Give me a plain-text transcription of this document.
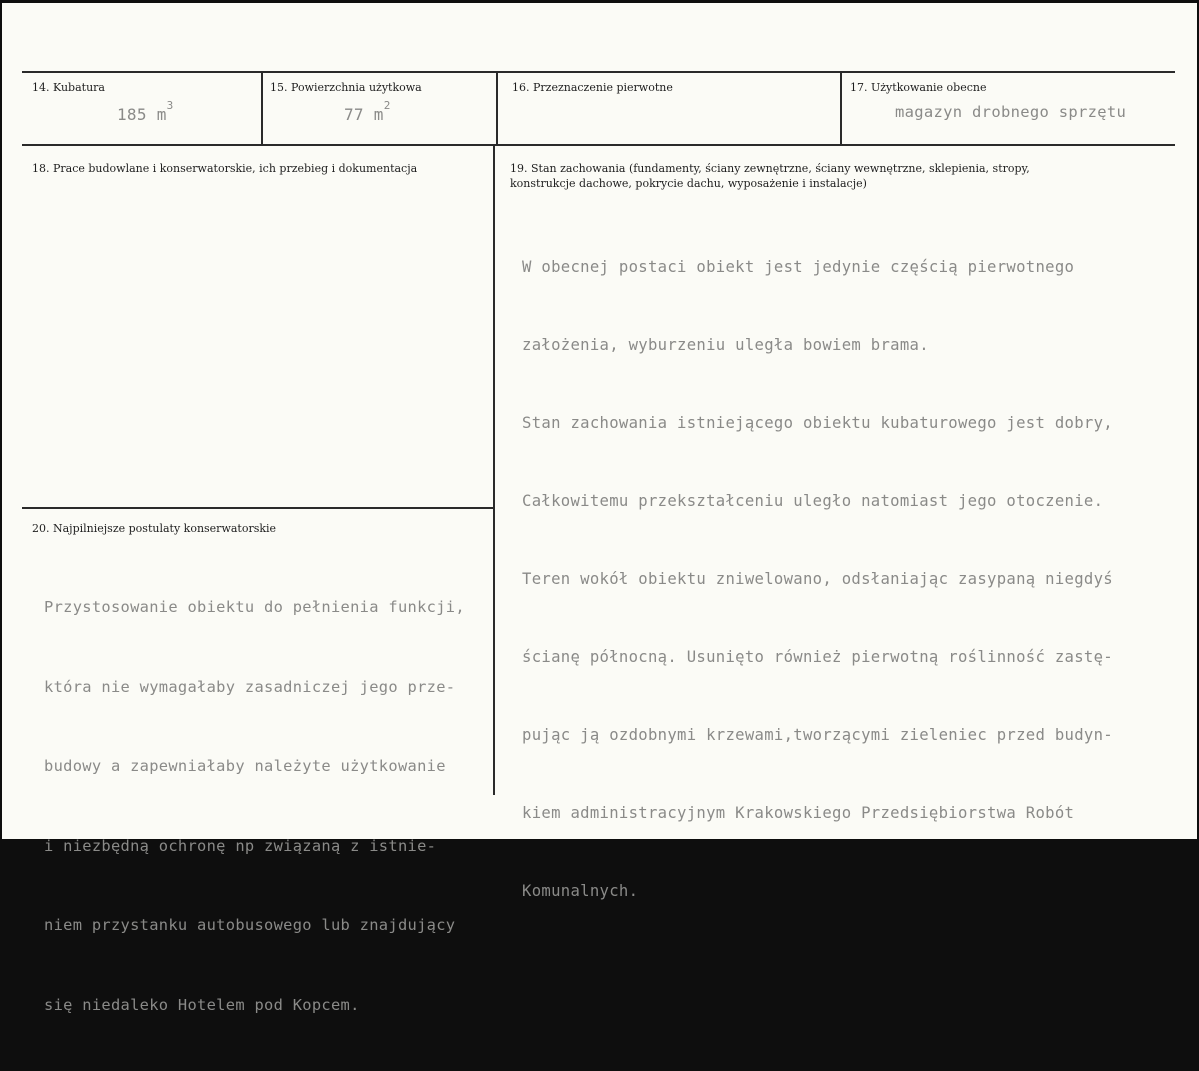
14. Kubatura
185 $m^3$
15. Powierzchnia użytkowa
77 $m^2$
16. Przeznaczenie pierwotne	17. Użytkowanie obecne
magazyn drobnego sprzętu
18. Prace budowlane i konserwatorskie, ich przebieg i dokumentacja	19. Stan zachowania (fundamenty, ściany zewnętrzne, ściany wewnętrzne, sklepienia, stropy,
konstrukcje dachowe, pokrycie dachu, wyposażenie i instalacje)

W obecnej postaci obiekt jest jedynie częścią pierwotnego

założenia, wyburzeniu uległa bowiem brama.

Stan zachowania istniejącego obiektu kubaturowego jest dobry,

Całkowitemu przekształceniu uległo natomiast jego otoczenie.

Teren wokół obiektu zniwelowano, odsłaniając zasypaną niegdyś

ścianę północną. Usunięto również pierwotną roślinność zastę-

pując ją ozdobnymi krzewami,tworzącymi zieleniec przed budyn-

kiem administracyjnym Krakowskiego Przedsiębiorstwa Robót

Komunalnych.

20. Najpilniejsze postulaty konserwatorskie

Przystosowanie obiektu do pełnienia funkcji,

która nie wymagałaby zasadniczej jego prze-

budowy a zapewniałaby należyte użytkowanie

i niezbędną ochronę np związaną z istnie-

niem przystanku autobusowego lub znajdujący

się niedaleko Hotelem pod Kopcem.
